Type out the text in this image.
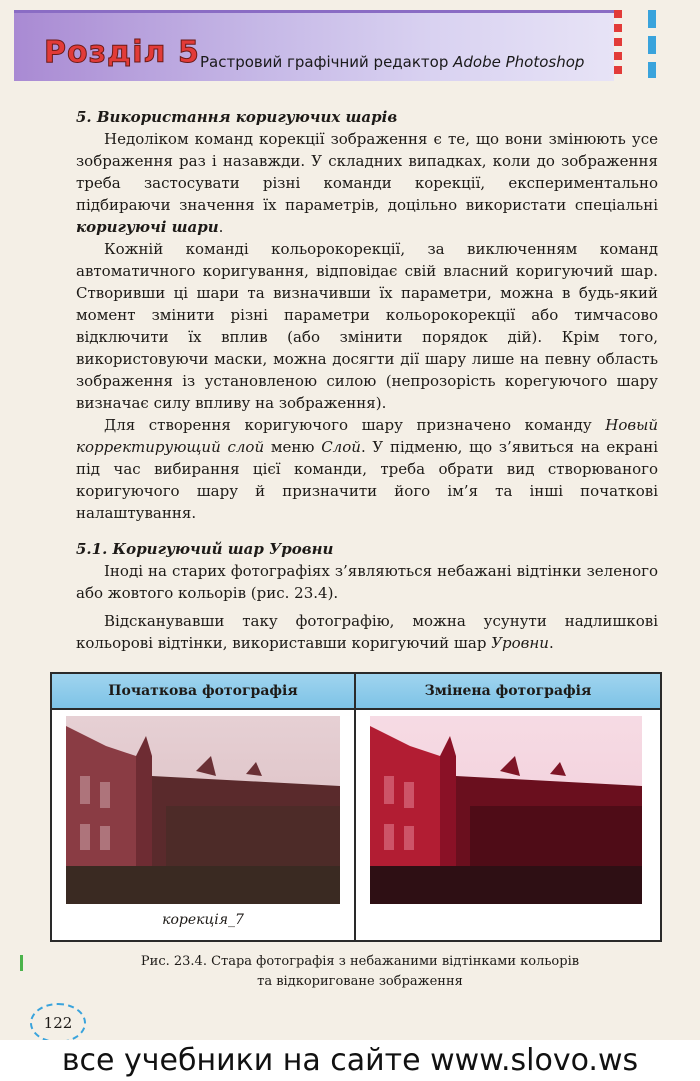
Розділ 5 Растровий графічний редактор Adobe Photoshop
5. Використання коригуючих шарів

Недоліком команд корекції зображення є те, що вони змінюють усе зображення раз і назавжди. У складних випадках, коли до зображення треба застосувати різні команди корекції, експериментально підбираючи значення їх параметрів, доцільно використати спеціальні коригуючі шари.

Кожній команді кольорокорекції, за виключенням команд автоматичного коригування, відповідає свій власний коригуючий шар. Створивши ці шари та визначивши їх параметри, можна в будь-який момент змінити різні параметри кольорокорекції або тимчасово відключити їх вплив (або змінити порядок дій). Крім того, використовуючи маски, можна досягти дії шару лише на певну область зображення із установленою силою (непрозорість корегуючого шару визначає силу впливу на зображення).

Для створення коригуючого шару призначено команду Новый корректирующий слой меню Слой. У підменю, що з’явиться на екрані під час вибирання цієї команди, треба обрати вид створюваного коригуючого шару й призначити його ім’я та інші початкові налаштування.

5.1. Коригуючий шар Уровни

Іноді на старих фотографіях з’являються небажані відтінки зеленого або жовтого кольорів (рис. 23.4).

Відсканувавши таку фотографію, можна усунути надлишкові кольорові відтінки, використавши коригуючий шар Уровни.

Початкова фотографія	Змінена фотографія
корекція_7
Рис. 23.4. Стара фотографія з небажаними відтінками кольорів
та відкориговане зображення
122
все учебники на сайте www.slovo.ws
